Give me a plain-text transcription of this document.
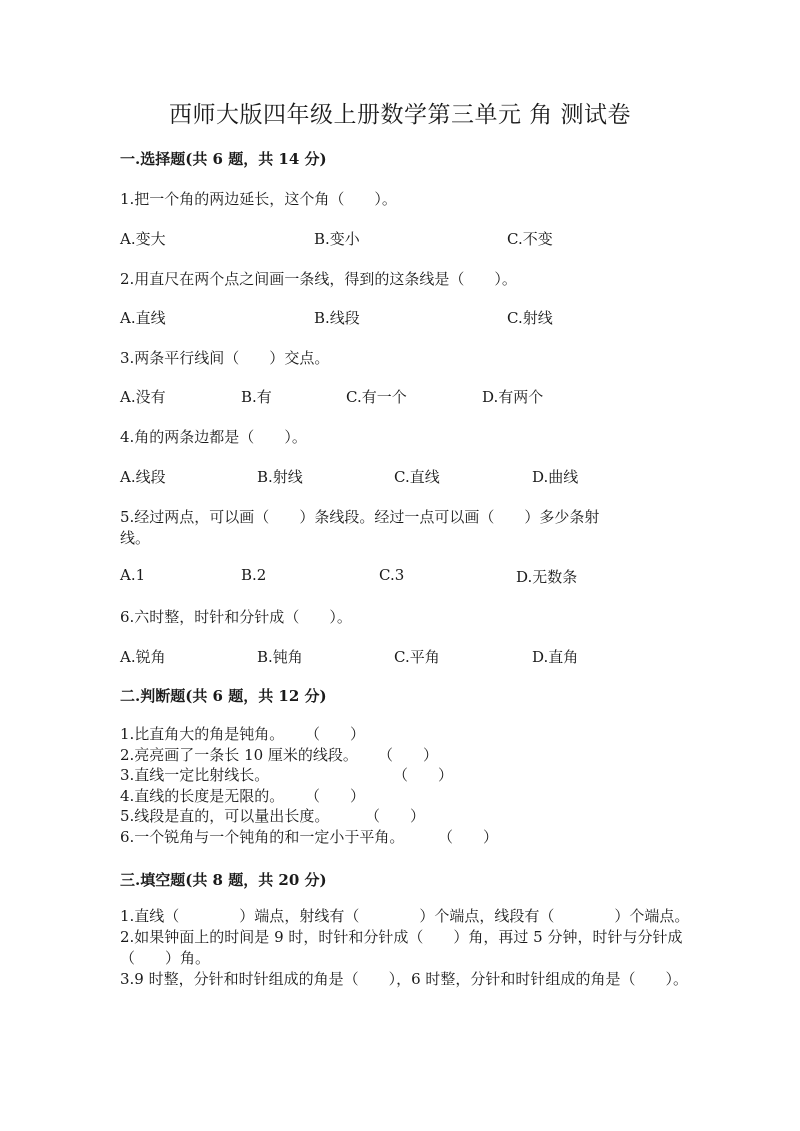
西师大版四年级上册数学第三单元 角 测试卷
一.选择题(共 6 题，共 14 分)
1.把一个角的两边延长，这个角（　　）。
A.变大	B.变小	C.不变
2.用直尺在两个点之间画一条线，得到的这条线是（　　）。
A.直线	B.线段	C.射线
3.两条平行线间（　　）交点。
A.没有	B.有	C.有一个	D.有两个
4.角的两条边都是（　　）。
A.线段	B.射线	C.直线	D.曲线
5.经过两点，可以画（　　）条线段。经过一点可以画（　　）多少条射
线。
A.1	B.2	C.3	D.无数条
6.六时整，时针和分针成（　　）。
A.锐角	B.钝角	C.平角	D.直角
二.判断题(共 6 题，共 12 分)
1.比直角大的角是钝角。 （　　）
2.亮亮画了一条长 10 厘米的线段。 （　　）
3.直线一定比射线长。	（　　）
4.直线的长度是无限的。 （　　）
5.线段是直的，可以量出长度。 （　　）
6.一个锐角与一个钝角的和一定小于平角。 （　　）
三.填空题(共 8 题，共 20 分)
1.直线（　　　　）端点，射线有（　　　　）个端点，线段有（　　　　）个端点。
2.如果钟面上的时间是 9 时，时针和分针成（　　）角，再过 5 分钟，时针与分针成（　　）角。
3.9 时整，分针和时针组成的角是（　　），6 时整，分针和时针组成的角是（　　）。
